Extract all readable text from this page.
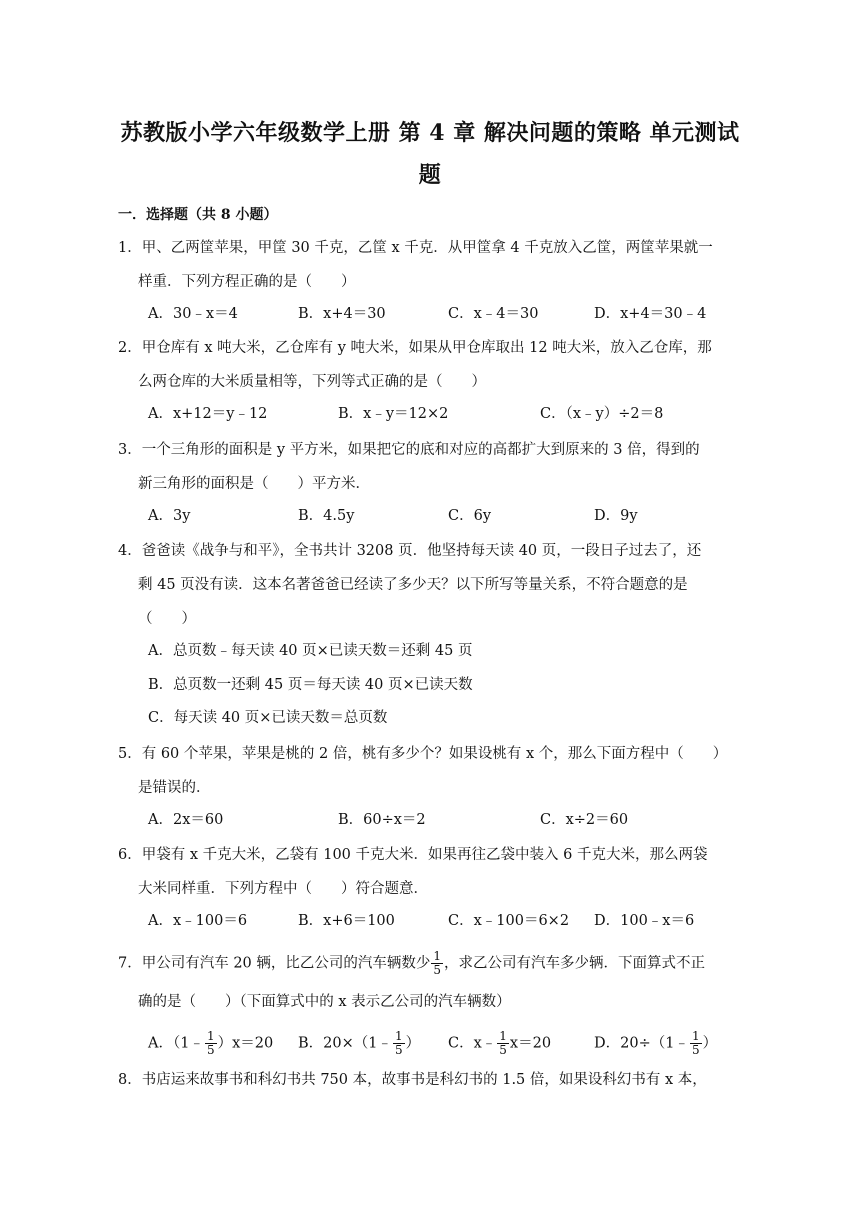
苏教版小学六年级数学上册 第 4 章 解决问题的策略 单元测试
题
一．选择题（共 8 小题）
1．甲、乙两筐苹果，甲筐 30 千克，乙筐 x 千克．从甲筐拿 4 千克放入乙筐，两筐苹果就一
样重．下列方程正确的是（　　）
A．30﹣x＝4	B．x+4＝30	C．x﹣4＝30	D．x+4＝30﹣4
2．甲仓库有 x 吨大米，乙仓库有 y 吨大米，如果从甲仓库取出 12 吨大米，放入乙仓库，那
么两仓库的大米质量相等，下列等式正确的是（　　）
A．x+12＝y﹣12	B．x﹣y＝12×2	C．（x﹣y）÷2＝8
3．一个三角形的面积是 y 平方米，如果把它的底和对应的高都扩大到原来的 3 倍，得到的
新三角形的面积是（　　）平方米．
A．3y	B．4.5y	C．6y	D．9y
4．爸爸读《战争与和平》，全书共计 3208 页．他坚持每天读 40 页，一段日子过去了，还
剩 45 页没有读．这本名著爸爸已经读了多少天？以下所写等量关系，不符合题意的是
（　　）
A．总页数﹣每天读 40 页×已读天数＝还剩 45 页
B．总页数一还剩 45 页＝每天读 40 页×已读天数
C．每天读 40 页×已读天数＝总页数
5．有 60 个苹果，苹果是桃的 2 倍，桃有多少个？如果设桃有 x 个，那么下面方程中（　　）
是错误的．
A．2x＝60	B．60÷x＝2	C．x÷2＝60
6．甲袋有 x 千克大米，乙袋有 100 千克大米．如果再往乙袋中装入 6 千克大米，那么两袋
大米同样重．下列方程中（　　）符合题意．
A．x﹣100＝6	B．x+6＝100	C．x﹣100＝6×2 D．100﹣x＝6
7．甲公司有汽车 20 辆，比乙公司的汽车辆数少 $\frac{1}{5}$ ，求乙公司有汽车多少辆．下面算式不正
确的是（　　）（下面算式中的 x 表示乙公司的汽车辆数）
A．（1﹣ $\frac{1}{5} )x=20$ B．20×（1﹣ $\frac{1}{5}$ ） C．x﹣ $\frac{1}{5} x=20$	D．20÷（1﹣ $\frac{1}{5}$ ）
8．书店运来故事书和科幻书共 750 本，故事书是科幻书的 1.5 倍，如果设科幻书有 x 本，
